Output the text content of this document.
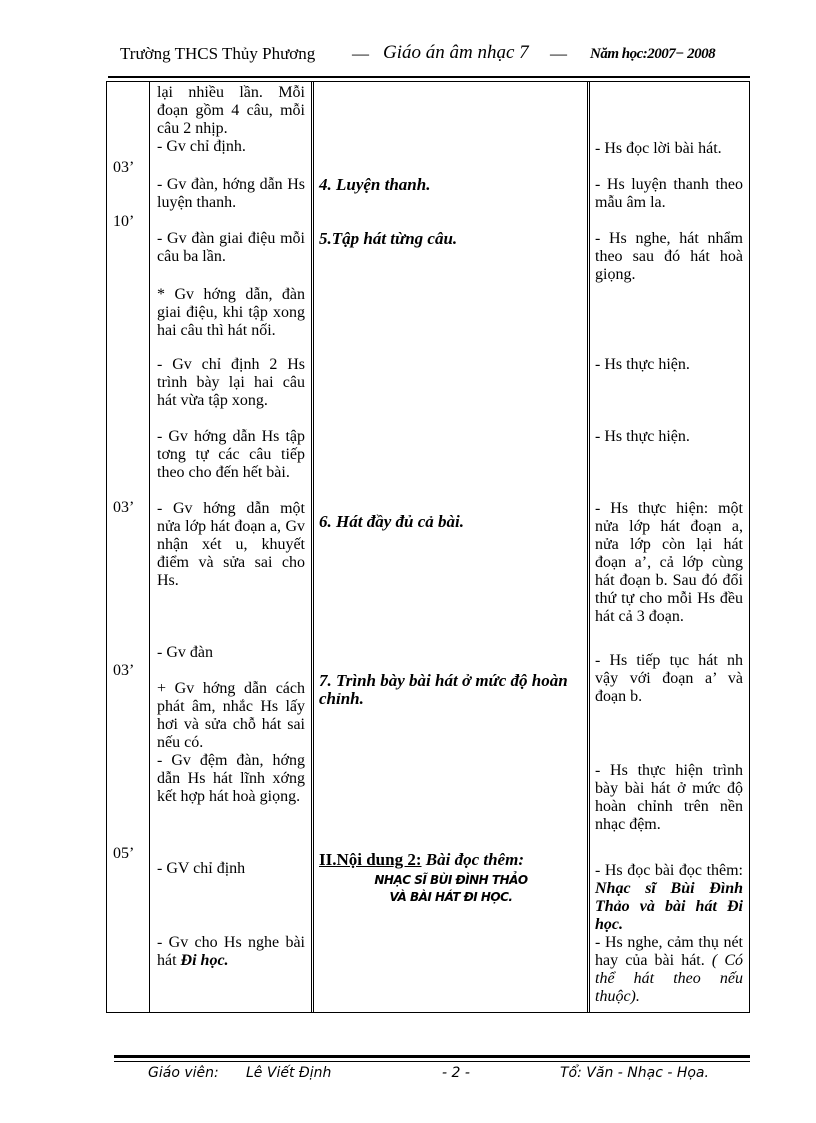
Trường THCS Thủy Phương — Giáo án âm nhạc 7 — Năm học:2007− 2008
03’
10’
03’
03’
05’
lại nhiều lần. Mỗi đoạn gồm 4 câu, mỗi câu 2 nhịp.
- Gv chỉ định.
- Gv đàn, hớng dẫn Hs luyện thanh.
- Gv đàn giai điệu mỗi câu ba lần.
* Gv hớng dẫn, đàn giai điệu, khi tập xong hai câu thì hát nối.
- Gv chỉ định 2 Hs trình bày lại hai câu hát vừa tập xong.
- Gv hớng dẫn Hs tập tơng tự các câu tiếp theo cho đến hết bài.
- Gv hớng dẫn một nửa lớp hát đoạn a, Gv nhận xét u, khuyết điểm và sửa sai cho Hs.
- Gv đàn
+ Gv hớng dẫn cách phát âm, nhắc Hs lấy hơi và sửa chỗ hát sai nếu có.
- Gv đệm đàn, hớng dẫn Hs hát lĩnh xớng kết hợp hát hoà giọng.
- GV chỉ định
- Gv cho Hs nghe bài hát Đi học.
4. Luyện thanh.
5.Tập hát từng câu.
6. Hát đầy đủ cả bài.
7. Trình bày bài hát ở mức độ hoàn chỉnh.
II.Nội dung 2: Bài đọc thêm:
NHẠC SĨ BÙI ĐÌNH THẢO
VÀ BÀI HÁT ĐI HỌC.
- Hs đọc lời bài hát.
- Hs luyện thanh theo mẫu âm la.
- Hs nghe, hát nhẩm theo sau đó hát hoà giọng.
- Hs thực hiện.
- Hs thực hiện.
- Hs thực hiện: một nửa lớp hát đoạn a, nửa lớp còn lại hát đoạn a’, cả lớp cùng hát đoạn b. Sau đó đổi thứ tự cho mỗi Hs đều hát cả 3 đoạn.
- Hs tiếp tục hát nh vậy với đoạn a’ và đoạn b.
- Hs thực hiện trình bày bài hát ở mức độ hoàn chỉnh trên nền nhạc đệm.
- Hs đọc bài đọc thêm: Nhạc sĩ Bùi Đình Thảo và bài hát Đi học.
- Hs nghe, cảm thụ nét hay của bài hát. ( Có thể hát theo nếu thuộc).
Giáo viên: Lê Viết Định	- 2 -	Tổ: Văn - Nhạc - Họa.
